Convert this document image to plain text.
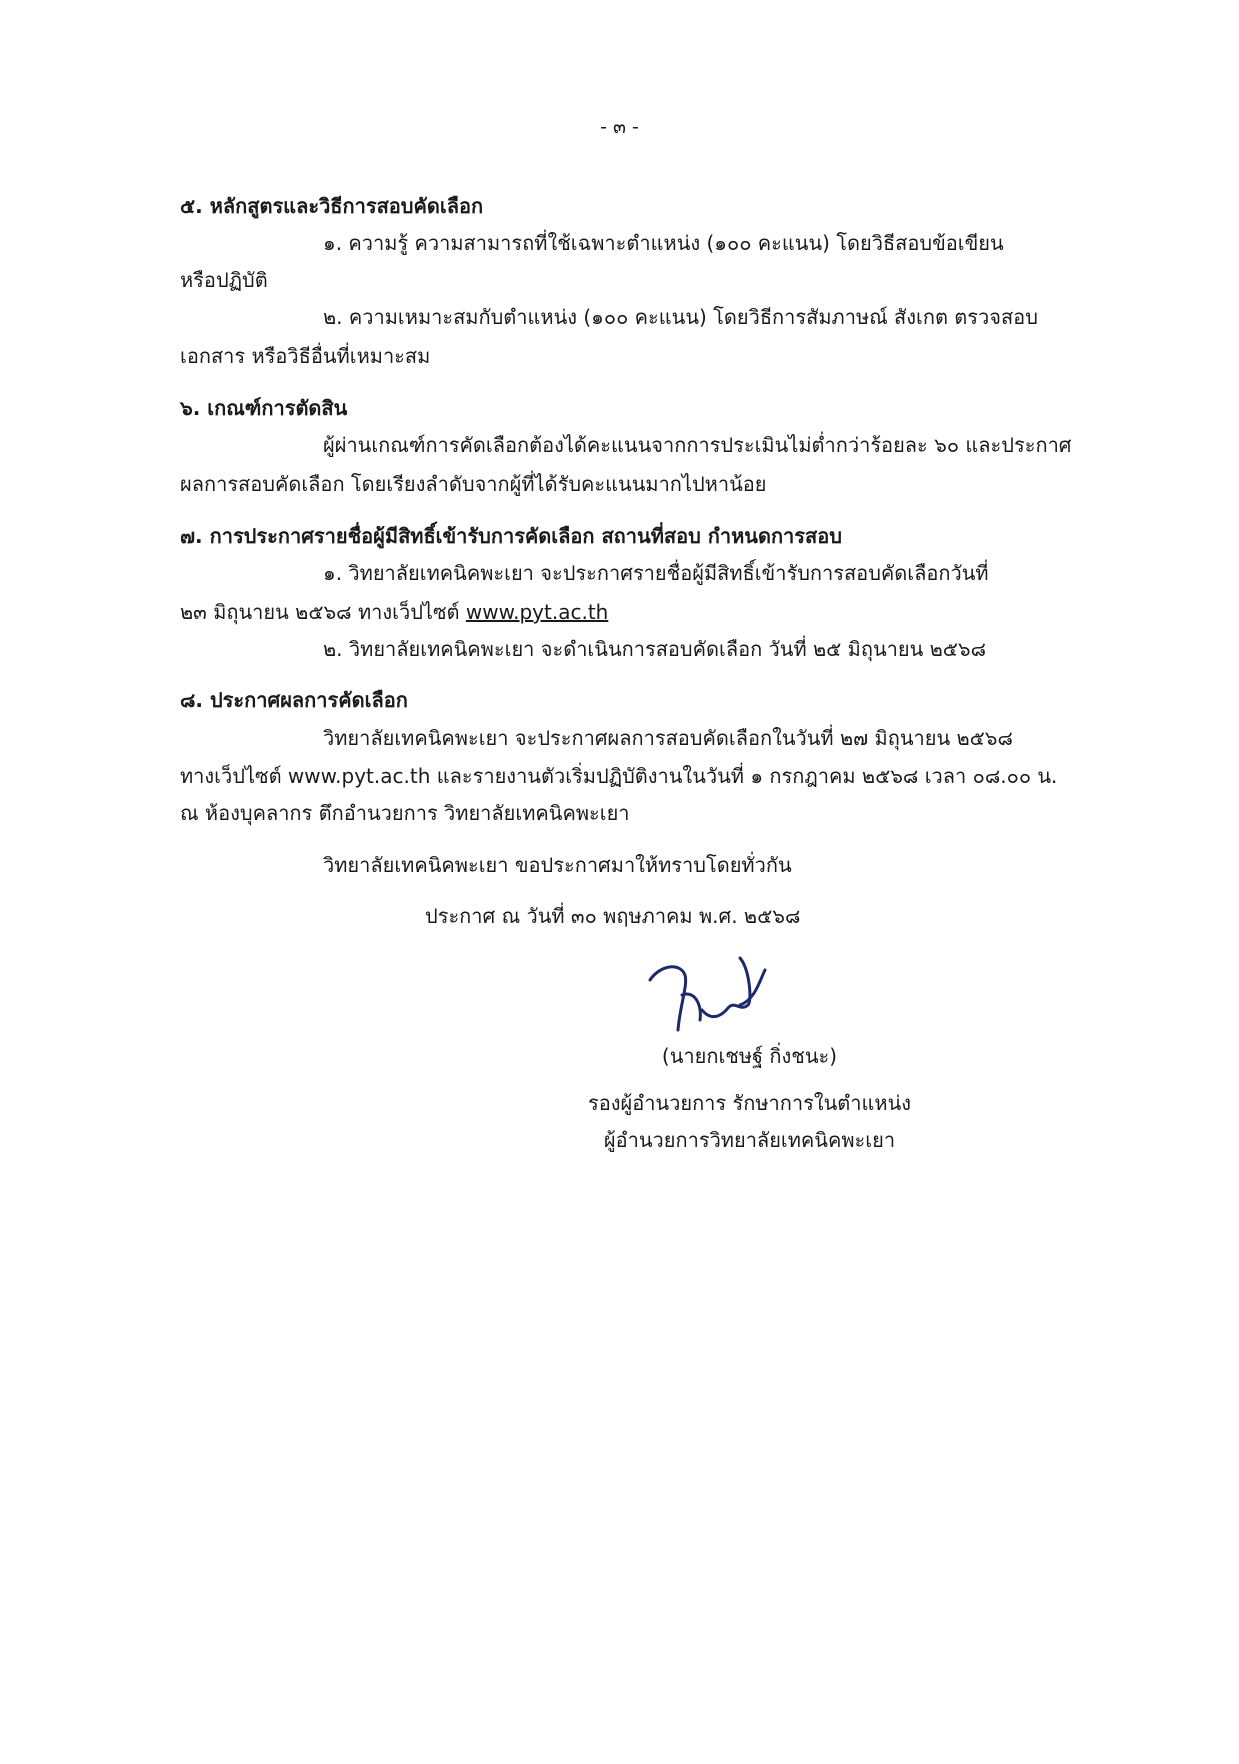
- ๓ -
๕. หลักสูตรและวิธีการสอบคัดเลือก
๑. ความรู้ ความสามารถที่ใช้เฉพาะตำแหน่ง (๑๐๐ คะแนน) โดยวิธีสอบข้อเขียน
หรือปฏิบัติ
๒. ความเหมาะสมกับตำแหน่ง (๑๐๐ คะแนน) โดยวิธีการสัมภาษณ์ สังเกต ตรวจสอบ
เอกสาร หรือวิธีอื่นที่เหมาะสม
๖. เกณฑ์การตัดสิน
ผู้ผ่านเกณฑ์การคัดเลือกต้องได้คะแนนจากการประเมินไม่ต่ำกว่าร้อยละ ๖๐ และประกาศ
ผลการสอบคัดเลือก โดยเรียงลำดับจากผู้ที่ได้รับคะแนนมากไปหาน้อย
๗. การประกาศรายชื่อผู้มีสิทธิ์เข้ารับการคัดเลือก สถานที่สอบ กำหนดการสอบ
๑. วิทยาลัยเทคนิคพะเยา จะประกาศรายชื่อผู้มีสิทธิ์เข้ารับการสอบคัดเลือกวันที่
๒๓ มิถุนายน ๒๕๖๘ ทางเว็ปไซต์ www.pyt.ac.th
๒. วิทยาลัยเทคนิคพะเยา จะดำเนินการสอบคัดเลือก วันที่ ๒๕ มิถุนายน ๒๕๖๘
๘. ประกาศผลการคัดเลือก
วิทยาลัยเทคนิคพะเยา จะประกาศผลการสอบคัดเลือกในวันที่ ๒๗ มิถุนายน ๒๕๖๘
ทางเว็ปไซต์ www.pyt.ac.th และรายงานตัวเริ่มปฏิบัติงานในวันที่ ๑ กรกฎาคม ๒๕๖๘ เวลา ๐๘.๐๐ น.
ณ ห้องบุคลากร ตึกอำนวยการ วิทยาลัยเทคนิคพะเยา
วิทยาลัยเทคนิคพะเยา ขอประกาศมาให้ทราบโดยทั่วกัน
ประกาศ ณ วันที่ ๓๐ พฤษภาคม พ.ศ. ๒๕๖๘
(นายกเชษฐ์ กิ่งชนะ)
รองผู้อำนวยการ รักษาการในตำแหน่ง
ผู้อำนวยการวิทยาลัยเทคนิคพะเยา
